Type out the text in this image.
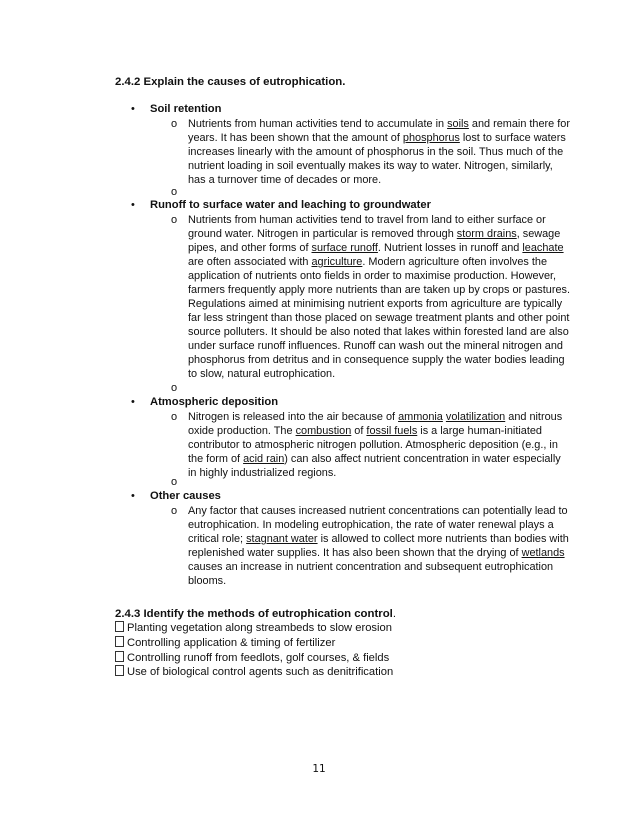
2.4.2 Explain the causes of eutrophication.
• Soil retention
o Nutrients from human activities tend to accumulate in soils and remain there for years. It has been shown that the amount of phosphorus lost to surface waters increases linearly with the amount of phosphorus in the soil. Thus much of the nutrient loading in soil eventually makes its way to water. Nitrogen, similarly, has a turnover time of decades or more.

o
• Runoff to surface water and leaching to groundwater
o Nutrients from human activities tend to travel from land to either surface or ground water. Nitrogen in particular is removed through storm drains, sewage pipes, and other forms of surface runoff. Nutrient losses in runoff and leachate are often associated with agriculture. Modern agriculture often involves the application of nutrients onto fields in order to maximise production. However, farmers frequently apply more nutrients than are taken up by crops or pastures. Regulations aimed at minimising nutrient exports from agriculture are typically far less stringent than those placed on sewage treatment plants and other point source polluters. It should be also noted that lakes within forested land are also under surface runoff influences. Runoff can wash out the mineral nitrogen and phosphorus from detritus and in consequence supply the water bodies leading to slow, natural eutrophication.

o
• Atmospheric deposition
o Nitrogen is released into the air because of ammonia volatilization and nitrous oxide production. The combustion of fossil fuels is a large human-initiated contributor to atmospheric nitrogen pollution. Atmospheric deposition (e.g., in the form of acid rain) can also affect nutrient concentration in water especially in highly industrialized regions.

o
• Other causes
o Any factor that causes increased nutrient concentrations can potentially lead to eutrophication. In modeling eutrophication, the rate of water renewal plays a critical role; stagnant water is allowed to collect more nutrients than bodies with replenished water supplies. It has also been shown that the drying of wetlands causes an increase in nutrient concentration and subsequent eutrophication blooms.

2.4.3 Identify the methods of eutrophication control.
Planting vegetation along streambeds to slow erosion
Controlling application & timing of fertilizer
Controlling runoff from feedlots, golf courses, & fields
Use of biological control agents such as denitrification
11
